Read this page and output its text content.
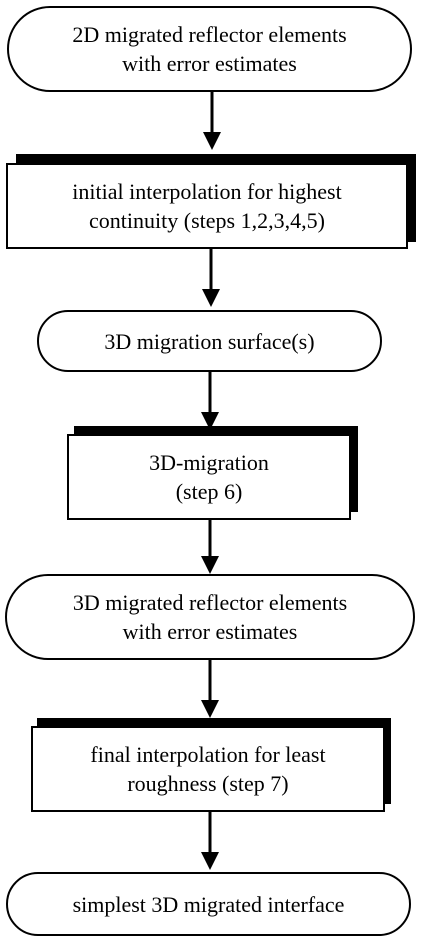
2D migrated reflector elements
with error estimates
initial interpolation for highest
continuity (steps 1,2,3,4,5)
3D migration surface(s)
3D-migration
(step 6)
3D migrated reflector elements
with error estimates
final interpolation for least
roughness (step 7)
simplest 3D migrated interface
